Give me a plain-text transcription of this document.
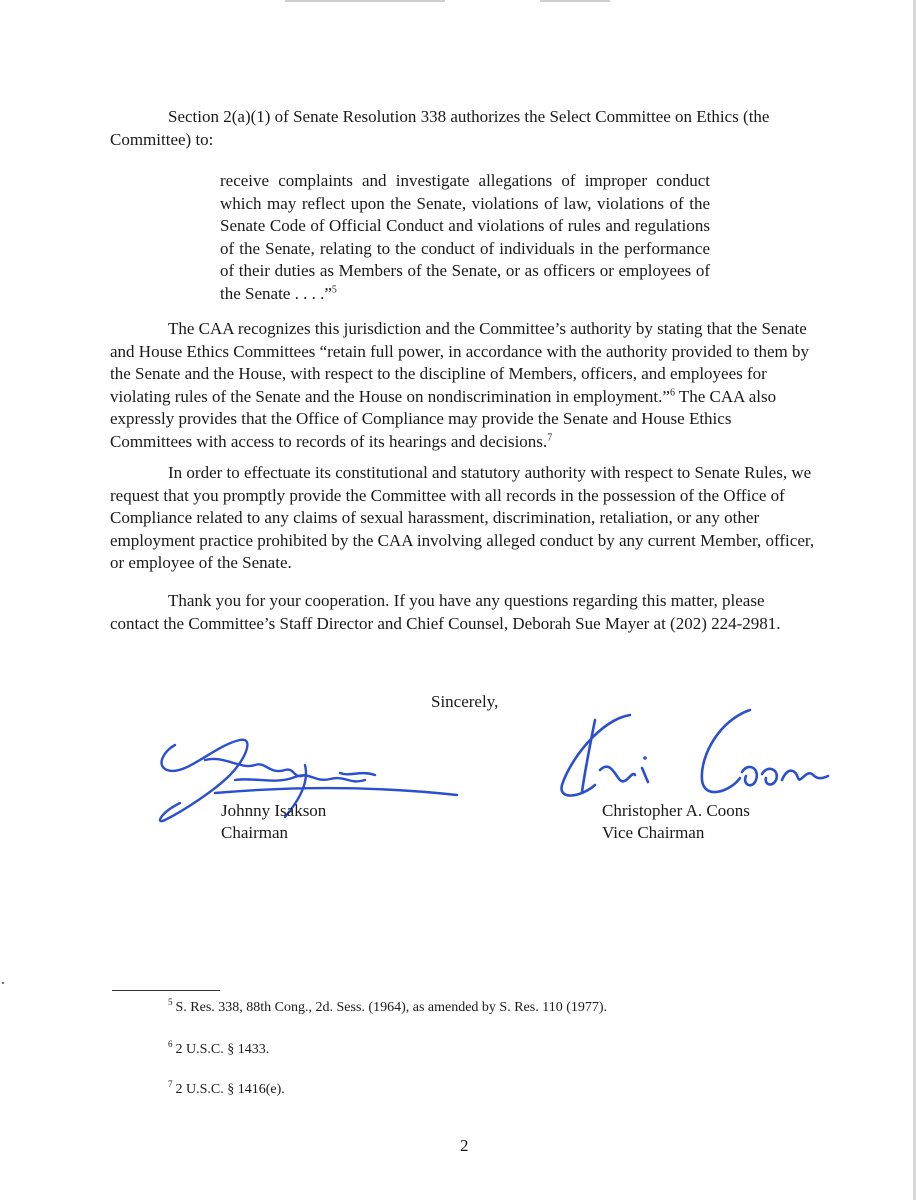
Section 2(a)(1) of Senate Resolution 338 authorizes the Select Committee on Ethics (the Committee) to:

receive complaints and investigate allegations of improper conduct which may reflect upon the Senate, violations of law, violations of the Senate Code of Official Conduct and violations of rules and regulations of the Senate, relating to the conduct of individuals in the performance of their duties as Members of the Senate, or as officers or employees of the Senate . . . .”$^5$

The CAA recognizes this jurisdiction and the Committee’s authority by stating that the Senate and House Ethics Committees “retain full power, in accordance with the authority provided to them by the Senate and the House, with respect to the discipline of Members, officers, and employees for violating rules of the Senate and the House on nondiscrimination in employment.”$^6$ The CAA also expressly provides that the Office of Compliance may provide the Senate and House Ethics Committees with access to records of its hearings and decisions.$^7$

In order to effectuate its constitutional and statutory authority with respect to Senate Rules, we request that you promptly provide the Committee with all records in the possession of the Office of Compliance related to any claims of sexual harassment, discrimination, retaliation, or any other employment practice prohibited by the CAA involving alleged conduct by any current Member, officer, or employee of the Senate.

Thank you for your cooperation. If you have any questions regarding this matter, please contact the Committee’s Staff Director and Chief Counsel, Deborah Sue Mayer at (202) 224-2981.

Sincerely,
Johnny Isakson
Chairman
Christopher A. Coons
Vice Chairman
$^5$ S. Res. 338, 88th Cong., 2d. Sess. (1964), as amended by S. Res. 110 (1977).
$^6$ 2 U.S.C. § 1433.
$^7$ 2 U.S.C. § 1416(e).
2
